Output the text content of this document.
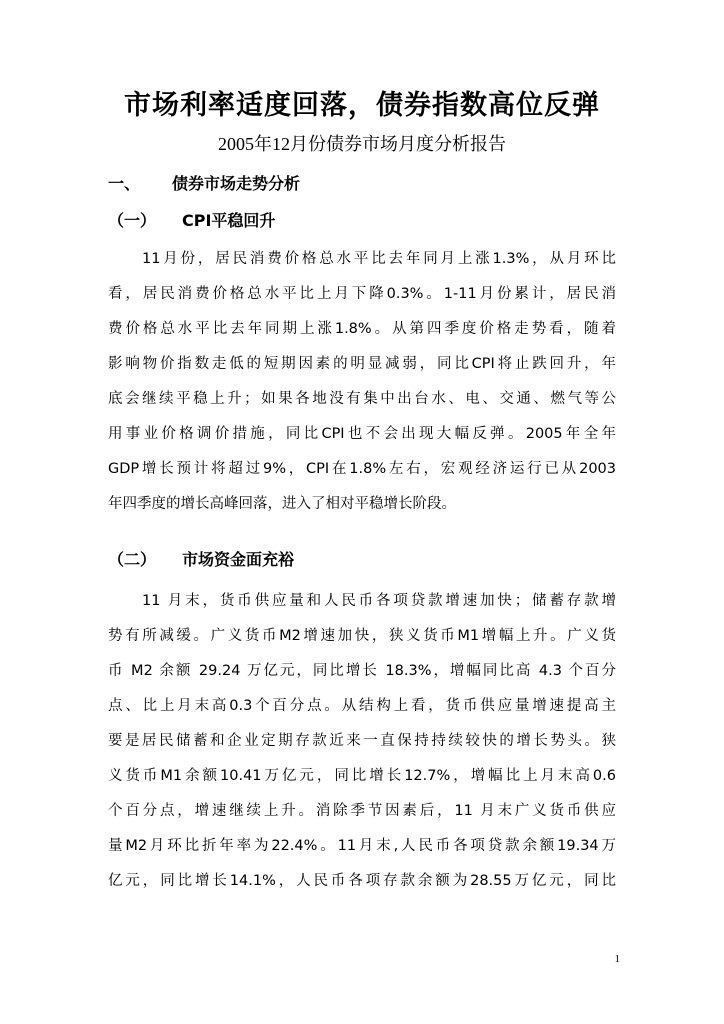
市场利率适度回落，债券指数高位反弹
2005年12月份债券市场月度分析报告
一、 债券市场走势分析
（一） CPI平稳回升
11月份，居民消费价格总水平比去年同月上涨1.3%，从月环比
看，居民消费价格总水平比上月下降0.3%。1-11月份累计，居民消
费价格总水平比去年同期上涨1.8%。从第四季度价格走势看，随着
影响物价指数走低的短期因素的明显减弱，同比CPI将止跌回升，年
底会继续平稳上升；如果各地没有集中出台水、电、交通、燃气等公
用事业价格调价措施，同比CPI也不会出现大幅反弹。2005年全年
GDP增长预计将超过9%，CPI在1.8%左右，宏观经济运行已从2003
年四季度的增长高峰回落，进入了相对平稳增长阶段。
（二） 市场资金面充裕
11 月末，货币供应量和人民币各项贷款增速加快；储蓄存款增
势有所减缓。广义货币M2增速加快，狭义货币M1增幅上升。广义货
币 M2 余额 29.24 万亿元，同比增长 18.3%，增幅同比高 4.3 个百分
点、比上月末高0.3个百分点。从结构上看，货币供应量增速提高主
要是居民储蓄和企业定期存款近来一直保持持续较快的增长势头。狭
义货币M1余额10.41万亿元，同比增长12.7%，增幅比上月末高0.6
个百分点，增速继续上升。消除季节因素后，11 月末广义货币供应
量M2月环比折年率为22.4%。11月末,人民币各项贷款余额19.34万
亿元，同比增长14.1%，人民币各项存款余额为28.55万亿元，同比
1
